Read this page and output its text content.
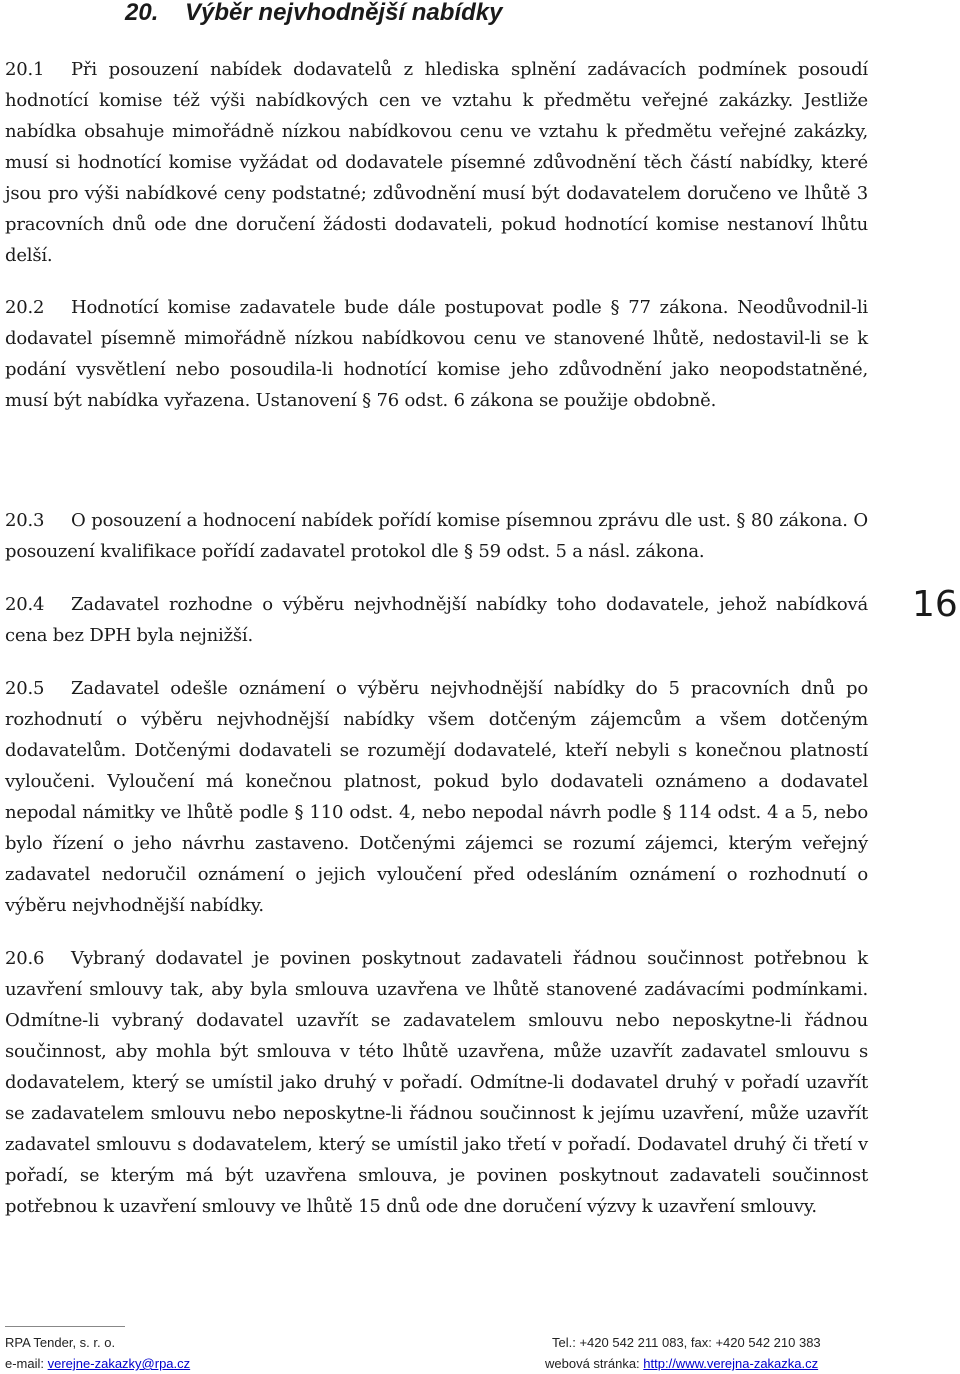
20.    Výběr nejvhodnější nabídky
20.1 Při posouzení nabídek dodavatelů z hlediska splnění zadávacích podmínek posoudí hodnotící komise též výši nabídkových cen ve vztahu k předmětu veřejné zakázky. Jestliže nabídka obsahuje mimořádně nízkou nabídkovou cenu ve vztahu k předmětu veřejné zakázky, musí si hodnotící komise vyžádat od dodavatele písemné zdůvodnění těch částí nabídky, které jsou pro výši nabídkové ceny podstatné; zdůvodnění musí být dodavatelem doručeno ve lhůtě 3 pracovních dnů ode dne doručení žádosti dodavateli, pokud hodnotící komise nestanoví lhůtu delší.
20.2 Hodnotící komise zadavatele bude dále postupovat podle § 77 zákona. Neodůvodnil-li dodavatel písemně mimořádně nízkou nabídkovou cenu ve stanovené lhůtě, nedostavil-li se k podání vysvětlení nebo posoudila-li hodnotící komise jeho zdůvodnění jako neopodstatněné, musí být nabídka vyřazena. Ustanovení § 76 odst. 6 zákona se použije obdobně.
20.3 O posouzení a hodnocení nabídek pořídí komise písemnou zprávu dle ust. § 80 zákona. O posouzení kvalifikace pořídí zadavatel protokol dle § 59 odst. 5 a násl. zákona.
20.4 Zadavatel rozhodne o výběru nejvhodnější nabídky toho dodavatele, jehož nabídková cena bez DPH byla nejnižší.
20.5 Zadavatel odešle oznámení o výběru nejvhodnější nabídky do 5 pracovních dnů po rozhodnutí o výběru nejvhodnější nabídky všem dotčeným zájemcům a všem dotčeným dodavatelům. Dotčenými dodavateli se rozumějí dodavatelé, kteří nebyli s konečnou platností vyloučeni. Vyloučení má konečnou platnost, pokud bylo dodavateli oznámeno a dodavatel nepodal námitky ve lhůtě podle § 110 odst. 4, nebo nepodal návrh podle § 114 odst. 4 a 5, nebo bylo řízení o jeho návrhu zastaveno. Dotčenými zájemci se rozumí zájemci, kterým veřejný zadavatel nedoručil oznámení o jejich vyloučení před odesláním oznámení o rozhodnutí o výběru nejvhodnější nabídky.
20.6 Vybraný dodavatel je povinen poskytnout zadavateli řádnou součinnost potřebnou k uzavření smlouvy tak, aby byla smlouva uzavřena ve lhůtě stanovené zadávacími podmínkami. Odmítne-li vybraný dodavatel uzavřít se zadavatelem smlouvu nebo neposkytne-li řádnou součinnost, aby mohla být smlouva v této lhůtě uzavřena, může uzavřít zadavatel smlouvu s dodavatelem, který se umístil jako druhý v pořadí. Odmítne-li dodavatel druhý v pořadí uzavřít se zadavatelem smlouvu nebo neposkytne-li řádnou součinnost k jejímu uzavření, může uzavřít zadavatel smlouvu s dodavatelem, který se umístil jako třetí v pořadí. Dodavatel druhý či třetí v pořadí, se kterým má být uzavřena smlouva, je povinen poskytnout zadavateli součinnost potřebnou k uzavření smlouvy ve lhůtě 15 dnů ode dne doručení výzvy k uzavření smlouvy.
16
RPA Tender, s. r. o.
e-mail: verejne-zakazky@rpa.cz
Tel.: +420 542 211 083, fax: +420 542 210 383
webová stránka: http://www.verejna-zakazka.cz
